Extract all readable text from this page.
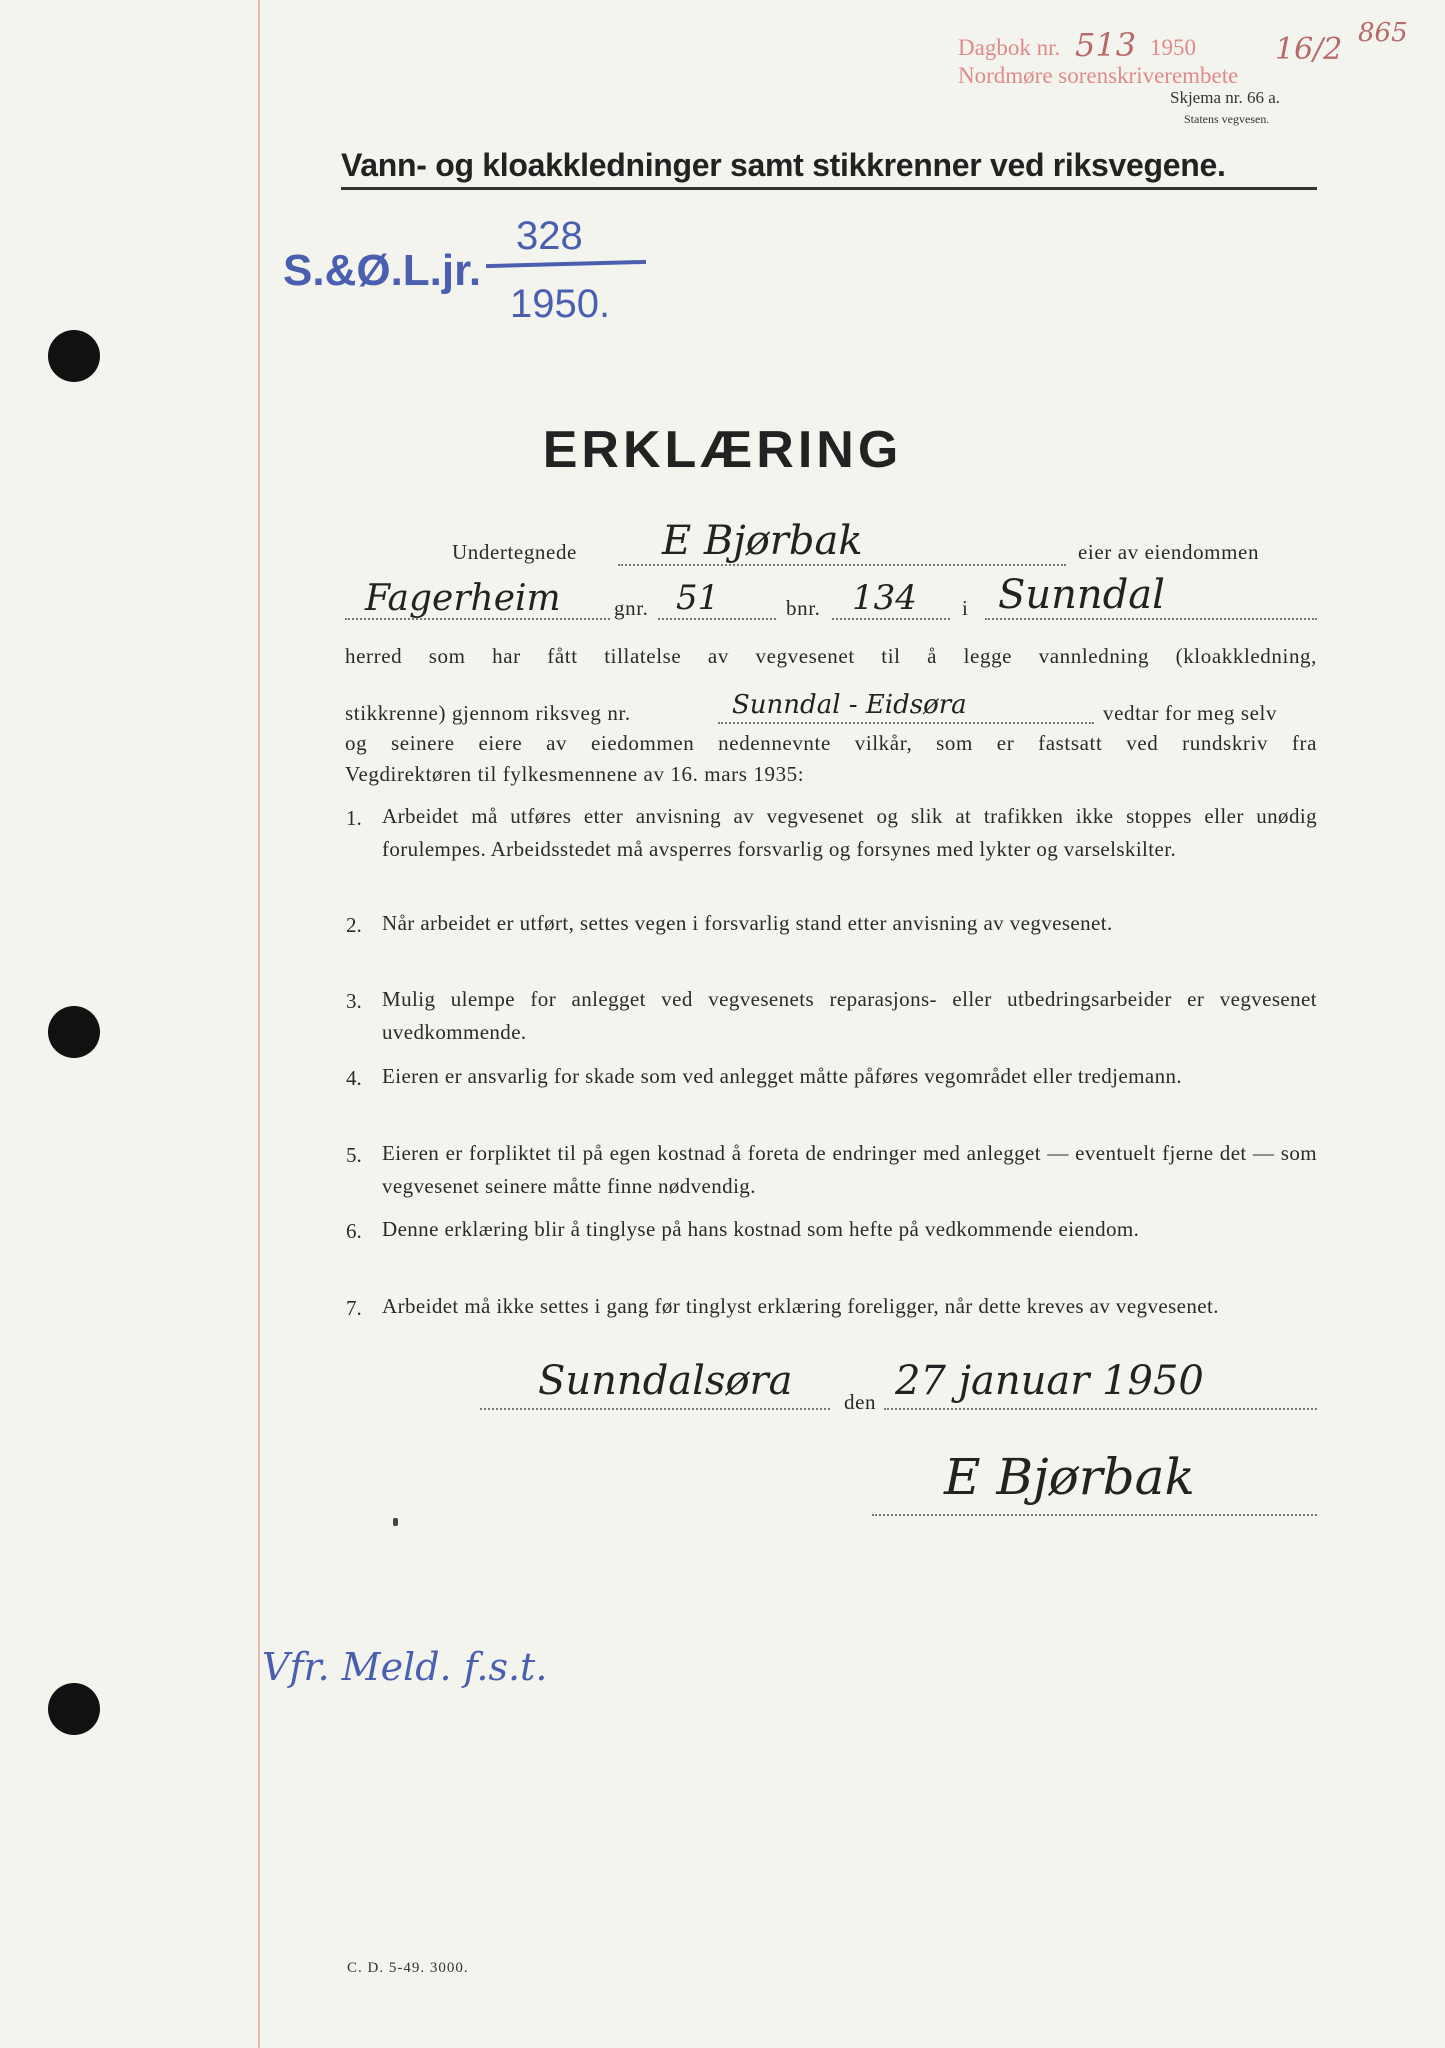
Dagbok nr. 513 1950
Nordmøre sorenskriverembete
16/2 865
Skjema nr. 66 a.
Statens vegvesen.
Vann- og kloakkledninger samt stikkrenner ved riksvegene.
S.&Ø.L.jr.
328
1950.
ERKLÆRING
Undertegnede E Bjørbak	eier av eiendommen
Fagerheim	gnr. 51	bnr. 134 i Sunndal
herred som har fått tillatelse av vegvesenet til å legge vannledning (kloakkledning,
stikkrenne) gjennom riksveg nr.	Sunndal - Eidsøra	vedtar for meg selv
og seinere eiere av eiedommen nedennevnte vilkår, som er fastsatt ved rundskriv fra
Vegdirektøren til fylkesmennene av 16. mars 1935:
1. Arbeidet må utføres etter anvisning av vegvesenet og slik at trafikken ikke stoppes eller unødig forulempes. Arbeidsstedet må avsperres forsvarlig og forsynes med lykter og varselskilter.
2. Når arbeidet er utført, settes vegen i forsvarlig stand etter anvisning av vegvesenet.
3. Mulig ulempe for anlegget ved vegvesenets reparasjons- eller utbedringsarbeider er vegvesenet uvedkommende.
4. Eieren er ansvarlig for skade som ved anlegget måtte påføres vegområdet eller tredjemann.
5. Eieren er forpliktet til på egen kostnad å foreta de endringer med anlegget — eventuelt fjerne det — som vegvesenet seinere måtte finne nødvendig.
6. Denne erklæring blir å tinglyse på hans kostnad som hefte på vedkommende eiendom.
7. Arbeidet må ikke settes i gang før tinglyst erklæring foreligger, når dette kreves av vegvesenet.
Sunndalsøra den 27 januar 1950
E Bjørbak
Vfr. Meld. f.s.t.
C. D. 5-49. 3000.
